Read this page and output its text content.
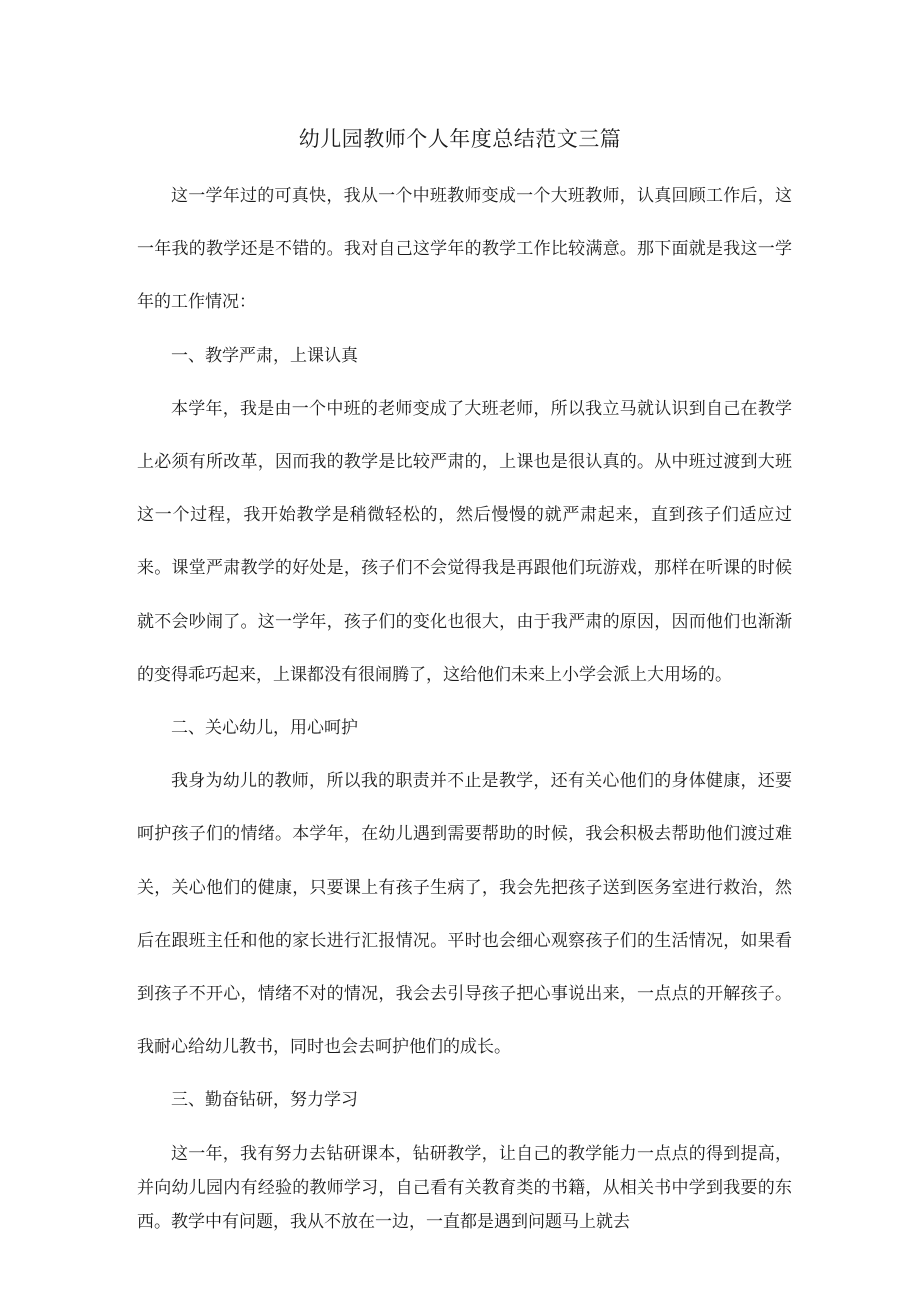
幼儿园教师个人年度总结范文三篇

这一学年过的可真快，我从一个中班教师变成一个大班教师，认真回顾工作后，这一年我的教学还是不错的。我对自己这学年的教学工作比较满意。那下面就是我这一学年的工作情况：

一、教学严肃，上课认真

本学年，我是由一个中班的老师变成了大班老师，所以我立马就认识到自己在教学上必须有所改革，因而我的教学是比较严肃的，上课也是很认真的。从中班过渡到大班这一个过程，我开始教学是稍微轻松的，然后慢慢的就严肃起来，直到孩子们适应过来。课堂严肃教学的好处是，孩子们不会觉得我是再跟他们玩游戏，那样在听课的时候就不会吵闹了。这一学年，孩子们的变化也很大，由于我严肃的原因，因而他们也渐渐的变得乖巧起来，上课都没有很闹腾了，这给他们未来上小学会派上大用场的。

二、关心幼儿，用心呵护

我身为幼儿的教师，所以我的职责并不止是教学，还有关心他们的身体健康，还要呵护孩子们的情绪。本学年，在幼儿遇到需要帮助的时候，我会积极去帮助他们渡过难关，关心他们的健康，只要课上有孩子生病了，我会先把孩子送到医务室进行救治，然后在跟班主任和他的家长进行汇报情况。平时也会细心观察孩子们的生活情况，如果看到孩子不开心，情绪不对的情况，我会去引导孩子把心事说出来，一点点的开解孩子。我耐心给幼儿教书，同时也会去呵护他们的成长。

三、勤奋钻研，努力学习

这一年，我有努力去钻研课本，钻研教学，让自己的教学能力一点点的得到提高，并向幼儿园内有经验的教师学习，自己看有关教育类的书籍，从相关书中学到我要的东西。教学中有问题，我从不放在一边，一直都是遇到问题马上就去
